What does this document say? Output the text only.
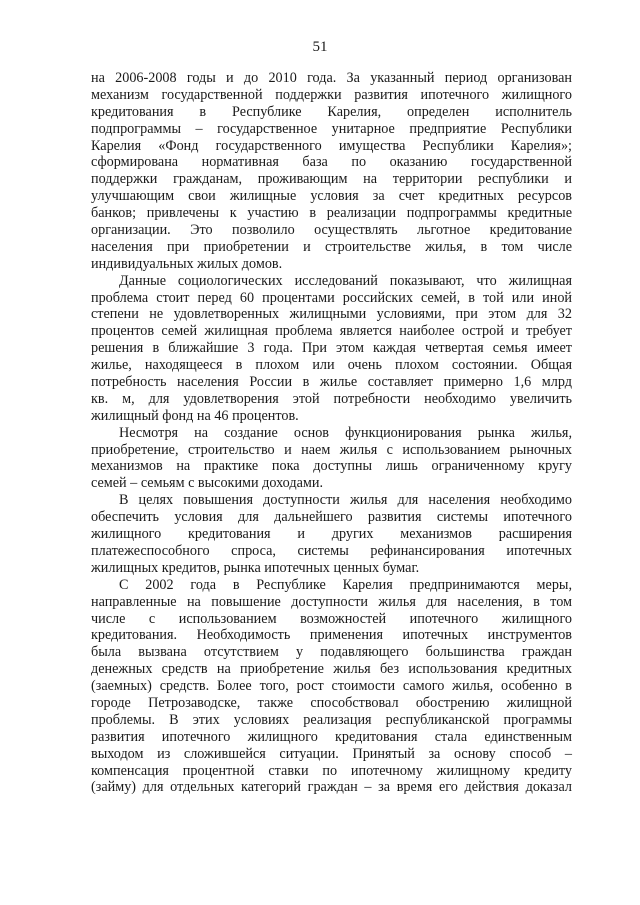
51
на 2006-2008 годы и до 2010 года. За указанный период организован
механизм государственной поддержки развития ипотечного жилищного
кредитования в Республике Карелия, определен исполнитель
подпрограммы – государственное унитарное предприятие Республики
Карелия «Фонд государственного имущества Республики Карелия»;
сформирована нормативная база по оказанию государственной
поддержки гражданам, проживающим на территории республики и
улучшающим свои жилищные условия за счет кредитных ресурсов
банков; привлечены к участию в реализации подпрограммы кредитные
организации. Это позволило осуществлять льготное кредитование
населения при приобретении и строительстве жилья, в том числе
индивидуальных жилых домов.
Данные социологических исследований показывают, что жилищная
проблема стоит перед 60 процентами российских семей, в той или иной
степени не удовлетворенных жилищными условиями, при этом для 32
процентов семей жилищная проблема является наиболее острой и требует
решения в ближайшие 3 года. При этом каждая четвертая семья имеет
жилье, находящееся в плохом или очень плохом состоянии. Общая
потребность населения России в жилье составляет примерно 1,6 млрд
кв. м, для удовлетворения этой потребности необходимо увеличить
жилищный фонд на 46 процентов.
Несмотря на создание основ функционирования рынка жилья,
приобретение, строительство и наем жилья с использованием рыночных
механизмов на практике пока доступны лишь ограниченному кругу
семей – семьям с высокими доходами.
В целях повышения доступности жилья для населения необходимо
обеспечить условия для дальнейшего развития системы ипотечного
жилищного кредитования и других механизмов расширения
платежеспособного спроса, системы рефинансирования ипотечных
жилищных кредитов, рынка ипотечных ценных бумаг.
С 2002 года в Республике Карелия предпринимаются меры,
направленные на повышение доступности жилья для населения, в том
числе с использованием возможностей ипотечного жилищного
кредитования. Необходимость применения ипотечных инструментов
была вызвана отсутствием у подавляющего большинства граждан
денежных средств на приобретение жилья без использования кредитных
(заемных) средств. Более того, рост стоимости самого жилья, особенно в
городе Петрозаводске, также способствовал обострению жилищной
проблемы. В этих условиях реализация республиканской программы
развития ипотечного жилищного кредитования стала единственным
выходом из сложившейся ситуации. Принятый за основу способ –
компенсация процентной ставки по ипотечному жилищному кредиту
(займу) для отдельных категорий граждан – за время его действия доказал
